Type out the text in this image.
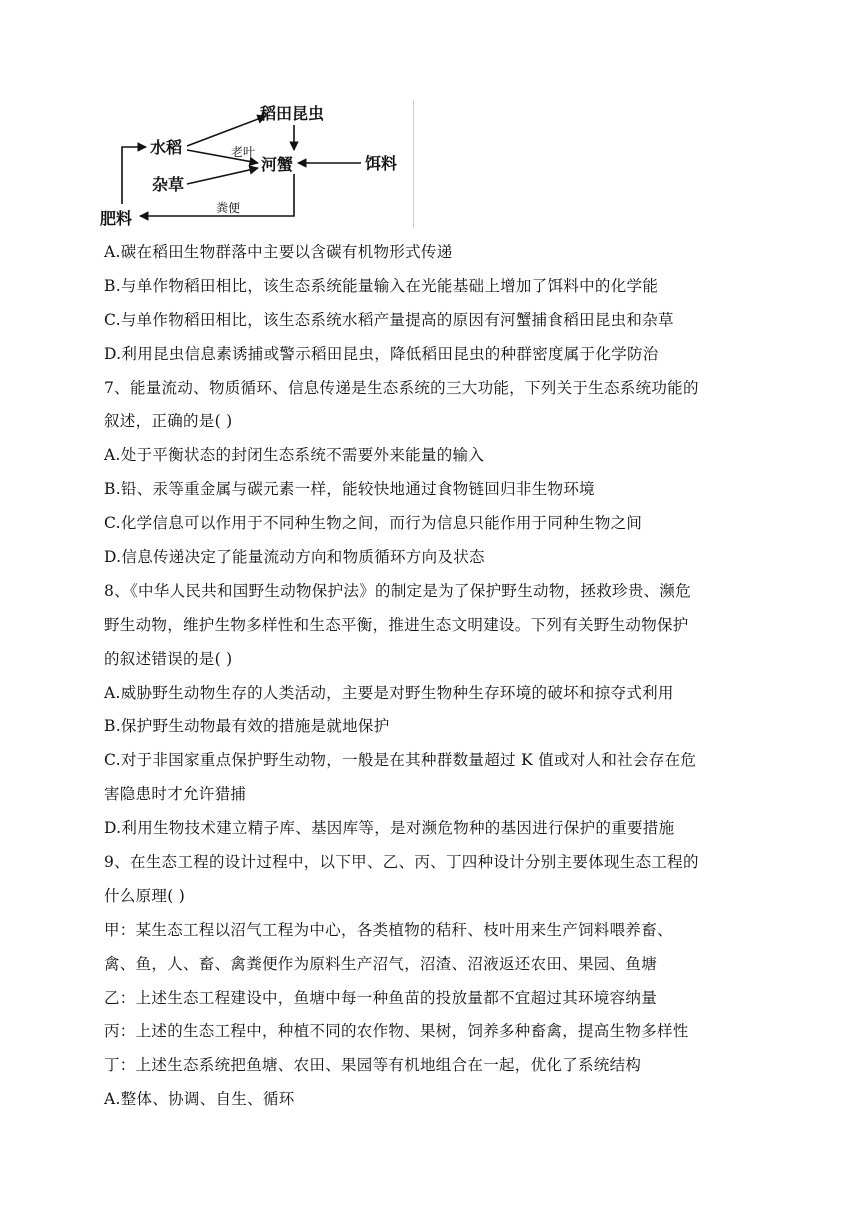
稻田昆虫
水稻
河蟹	饵料
杂草
肥料
老叶
粪便
A.碳在稻田生物群落中主要以含碳有机物形式传递
B.与单作物稻田相比，该生态系统能量输入在光能基础上增加了饵料中的化学能
C.与单作物稻田相比，该生态系统水稻产量提高的原因有河蟹捕食稻田昆虫和杂草
D.利用昆虫信息素诱捕或警示稻田昆虫，降低稻田昆虫的种群密度属于化学防治
7、能量流动、物质循环、信息传递是生态系统的三大功能，下列关于生态系统功能的
叙述，正确的是( )
A.处于平衡状态的封闭生态系统不需要外来能量的输入
B.铅、汞等重金属与碳元素一样，能较快地通过食物链回归非生物环境
C.化学信息可以作用于不同种生物之间，而行为信息只能作用于同种生物之间
D.信息传递决定了能量流动方向和物质循环方向及状态
8、《中华人民共和国野生动物保护法》的制定是为了保护野生动物，拯救珍贵、濒危
野生动物，维护生物多样性和生态平衡，推进生态文明建设。下列有关野生动物保护
的叙述错误的是( )
A.威胁野生动物生存的人类活动，主要是对野生物种生存环境的破坏和掠夺式利用
B.保护野生动物最有效的措施是就地保护
C.对于非国家重点保护野生动物，一般是在其种群数量超过 K 值或对人和社会存在危
害隐患时才允许猎捕
D.利用生物技术建立精子库、基因库等，是对濒危物种的基因进行保护的重要措施
9、在生态工程的设计过程中，以下甲、乙、丙、丁四种设计分别主要体现生态工程的
什么原理( )
甲：某生态工程以沼气工程为中心，各类植物的秸秆、枝叶用来生产饲料喂养畜、
禽、鱼，人、畜、禽粪便作为原料生产沼气，沼渣、沼液返还农田、果园、鱼塘
乙：上述生态工程建设中，鱼塘中每一种鱼苗的投放量都不宜超过其环境容纳量
丙：上述的生态工程中，种植不同的农作物、果树，饲养多种畜禽，提高生物多样性
丁：上述生态系统把鱼塘、农田、果园等有机地组合在一起，优化了系统结构
A.整体、协调、自生、循环
